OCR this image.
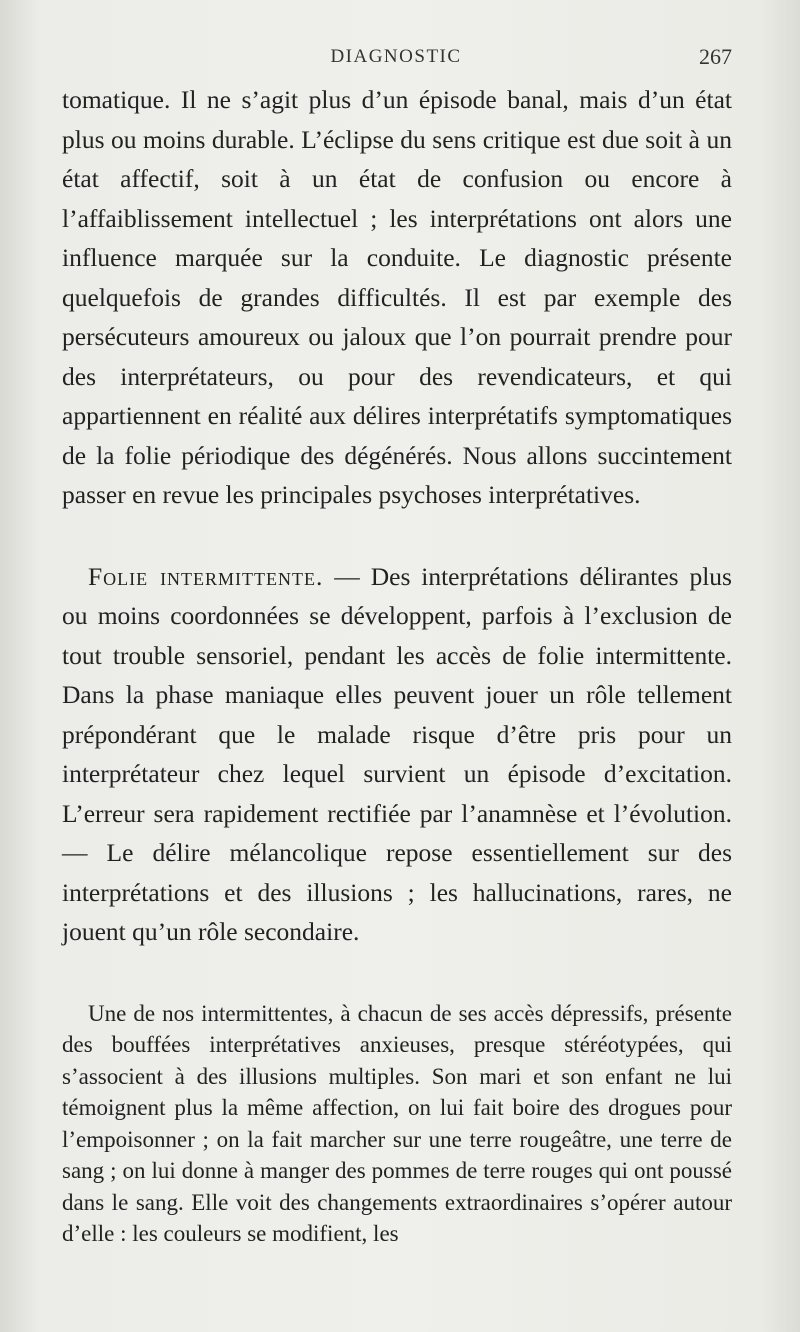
DIAGNOSTIC	267

tomatique. Il ne s’agit plus d’un épisode banal, mais d’un état plus ou moins durable. L’éclipse du sens critique est due soit à un état affectif, soit à un état de confusion ou encore à l’affaiblissement intellectuel ; les interprétations ont alors une influence marquée sur la conduite. Le diagnostic présente quelquefois de grandes difficultés. Il est par exemple des persécuteurs amoureux ou jaloux que l’on pourrait prendre pour des interprétateurs, ou pour des revendicateurs, et qui appartiennent en réalité aux délires interprétatifs symptomatiques de la folie périodique des dégénérés. Nous allons succintement passer en revue les principales psychoses interprétatives.

Folie intermittente. — Des interprétations délirantes plus ou moins coordonnées se développent, parfois à l’exclusion de tout trouble sensoriel, pendant les accès de folie intermittente. Dans la phase maniaque elles peuvent jouer un rôle tellement prépondérant que le malade risque d’être pris pour un interprétateur chez lequel survient un épisode d’excitation. L’erreur sera rapidement rectifiée par l’anamnèse et l’évolution. — Le délire mélancolique repose essentiellement sur des interprétations et des illusions ; les hallucinations, rares, ne jouent qu’un rôle secondaire.

Une de nos intermittentes, à chacun de ses accès dépressifs, présente des bouffées interprétatives anxieuses, presque stéréotypées, qui s’associent à des illusions multiples. Son mari et son enfant ne lui témoignent plus la même affection, on lui fait boire des drogues pour l’empoisonner ; on la fait marcher sur une terre rougeâtre, une terre de sang ; on lui donne à manger des pommes de terre rouges qui ont poussé dans le sang. Elle voit des changements extraordinaires s’opérer autour d’elle : les couleurs se modifient, les
